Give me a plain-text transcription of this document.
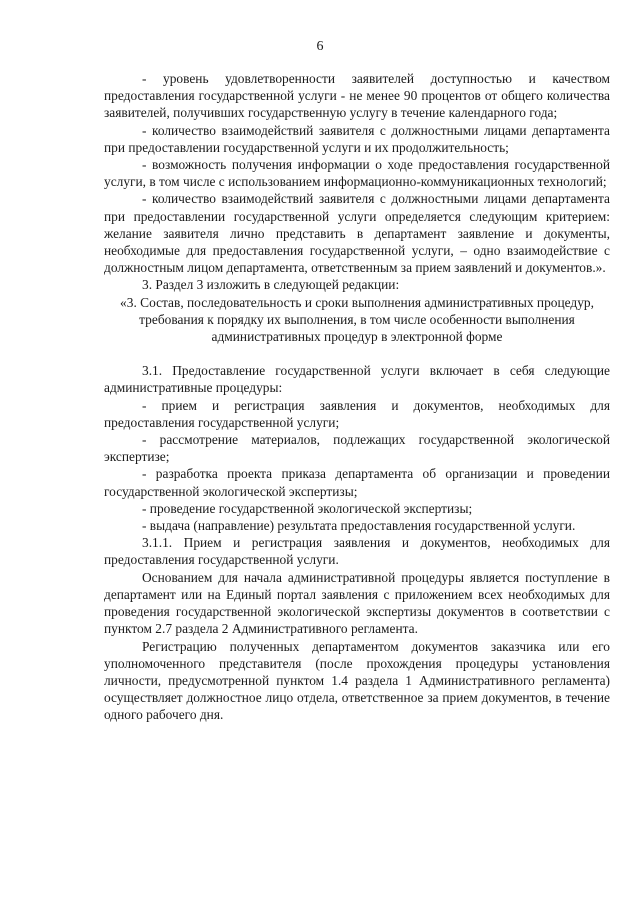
6

- уровень удовлетворенности заявителей доступностью и качеством предоставления государственной услуги - не менее 90 процентов от общего количества заявителей, получивших государственную услугу в течение календарного года;

- количество взаимодействий заявителя с должностными лицами департамента при предоставлении государственной услуги и их продолжительность;

- возможность получения информации о ходе предоставления государственной услуги, в том числе с использованием информационно-коммуникационных технологий;

- количество взаимодействий заявителя с должностными лицами департамента при предоставлении государственной услуги определяется следующим критерием: желание заявителя лично представить в департамент заявление и документы, необходимые для предоставления государственной услуги, – одно взаимодействие с должностным лицом департамента, ответственным за прием заявлений и документов.».

3. Раздел 3 изложить в следующей редакции:

«3. Состав, последовательность и сроки выполнения административных процедур, требования к порядку их выполнения, в том числе особенности выполнения административных процедур в электронной форме

3.1. Предоставление государственной услуги включает в себя следующие административные процедуры:

- прием и регистрация заявления и документов, необходимых для предоставления государственной услуги;

- рассмотрение материалов, подлежащих государственной экологической экспертизе;

- разработка проекта приказа департамента об организации и проведении государственной экологической экспертизы;

- проведение государственной экологической экспертизы;

- выдача (направление) результата предоставления государственной услуги.

3.1.1. Прием и регистрация заявления и документов, необходимых для предоставления государственной услуги.

Основанием для начала административной процедуры является поступление в департамент или на Единый портал заявления с приложением всех необходимых для проведения государственной экологической экспертизы документов в соответствии с пунктом 2.7 раздела 2 Административного регламента.

Регистрацию полученных департаментом документов заказчика или его уполномоченного представителя (после прохождения процедуры установления личности, предусмотренной пунктом 1.4 раздела 1 Административного регламента) осуществляет должностное лицо отдела, ответственное за прием документов, в течение одного рабочего дня.
